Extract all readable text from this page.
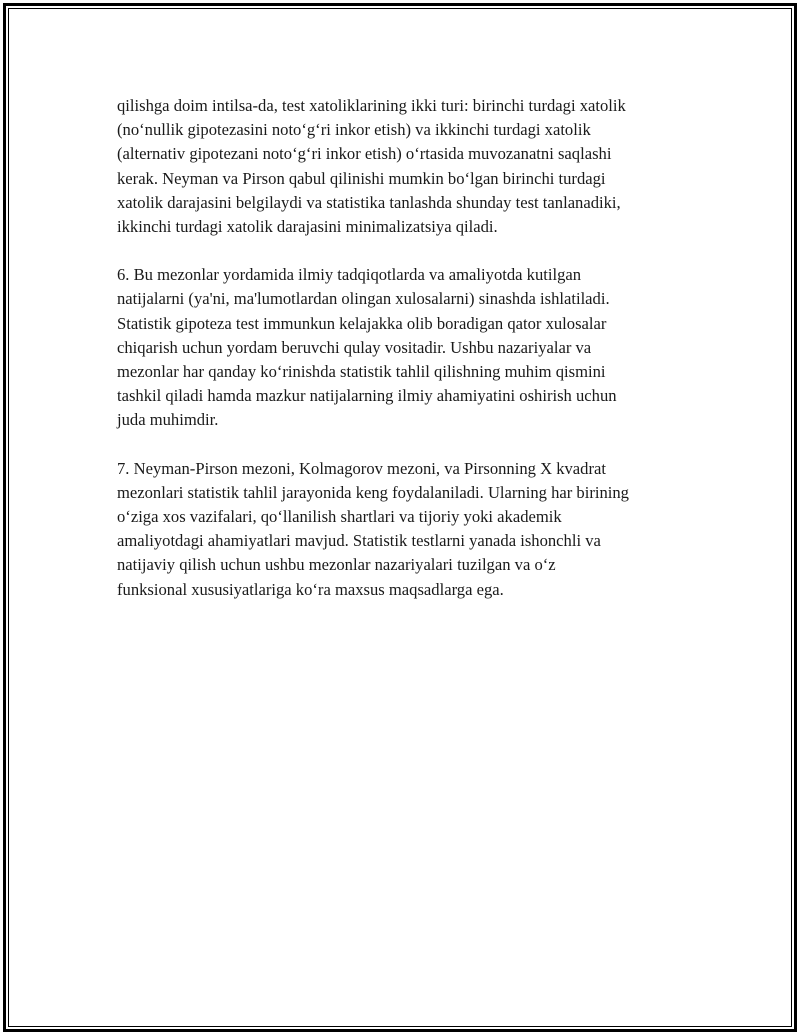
qilishga doim intilsa-da, test xatoliklarining ikki turi: birinchi turdagi xatolik
(no‘nullik gipotezasini noto‘g‘ri inkor etish) va ikkinchi turdagi xatolik
(alternativ gipotezani noto‘g‘ri inkor etish) o‘rtasida muvozanatni saqlashi
kerak. Neyman va Pirson qabul qilinishi mumkin bo‘lgan birinchi turdagi
xatolik darajasini belgilaydi va statistika tanlashda shunday test tanlanadiki,
ikkinchi turdagi xatolik darajasini minimalizatsiya qiladi.

6. Bu mezonlar yordamida ilmiy tadqiqotlarda va amaliyotda kutilgan
natijalarni (ya'ni, ma'lumotlardan olingan xulosalarni) sinashda ishlatiladi.
Statistik gipoteza test immunkun kelajakka olib boradigan qator xulosalar
chiqarish uchun yordam beruvchi qulay vositadir. Ushbu nazariyalar va
mezonlar har qanday ko‘rinishda statistik tahlil qilishning muhim qismini
tashkil qiladi hamda mazkur natijalarning ilmiy ahamiyatini oshirish uchun
juda muhimdir.

7. Neyman-Pirson mezoni, Kolmagorov mezoni, va Pirsonning X kvadrat
mezonlari statistik tahlil jarayonida keng foydalaniladi. Ularning har birining
o‘ziga xos vazifalari, qo‘llanilish shartlari va tijoriy yoki akademik
amaliyotdagi ahamiyatlari mavjud. Statistik testlarni yanada ishonchli va
natijaviy qilish uchun ushbu mezonlar nazariyalari tuzilgan va o‘z
funksional xususiyatlariga ko‘ra maxsus maqsadlarga ega.
